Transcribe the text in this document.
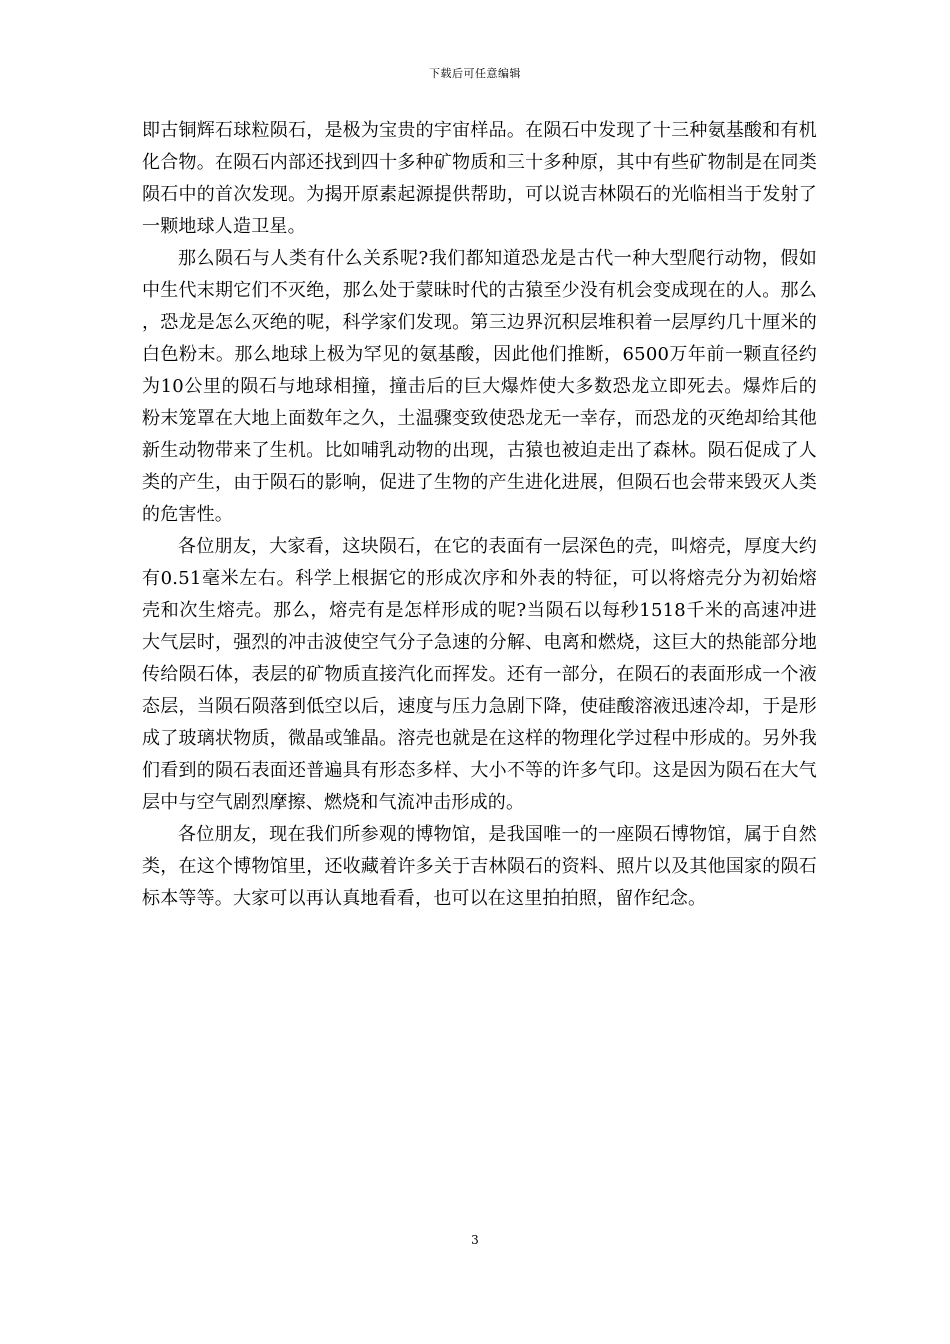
下载后可任意编辑

即古铜辉石球粒陨石，是极为宝贵的宇宙样品。在陨石中发现了十三种氨基酸和有机化合物。在陨石内部还找到四十多种矿物质和三十多种原，其中有些矿物制是在同类陨石中的首次发现。为揭开原素起源提供帮助，可以说吉林陨石的光临相当于发射了一颗地球人造卫星。

那么陨石与人类有什么关系呢?我们都知道恐龙是古代一种大型爬行动物，假如中生代末期它们不灭绝，那么处于蒙昧时代的古猿至少没有机会变成现在的人。那么，恐龙是怎么灭绝的呢，科学家们发现。第三边界沉积层堆积着一层厚约几十厘米的白色粉末。那么地球上极为罕见的氨基酸，因此他们推断，6500万年前一颗直径约为10公里的陨石与地球相撞，撞击后的巨大爆炸使大多数恐龙立即死去。爆炸后的粉末笼罩在大地上面数年之久，土温骤变致使恐龙无一幸存，而恐龙的灭绝却给其他新生动物带来了生机。比如哺乳动物的出现，古猿也被迫走出了森林。陨石促成了人类的产生，由于陨石的影响，促进了生物的产生进化进展，但陨石也会带来毁灭人类的危害性。

各位朋友，大家看，这块陨石，在它的表面有一层深色的壳，叫熔壳，厚度大约有0.51毫米左右。科学上根据它的形成次序和外表的特征，可以将熔壳分为初始熔壳和次生熔壳。那么，熔壳有是怎样形成的呢?当陨石以每秒1518千米的高速冲进大气层时，强烈的冲击波使空气分子急速的分解、电离和燃烧，这巨大的热能部分地传给陨石体，表层的矿物质直接汽化而挥发。还有一部分，在陨石的表面形成一个液态层，当陨石陨落到低空以后，速度与压力急剧下降，使硅酸溶液迅速冷却，于是形成了玻璃状物质，微晶或雏晶。溶壳也就是在这样的物理化学过程中形成的。另外我们看到的陨石表面还普遍具有形态多样、大小不等的许多气印。这是因为陨石在大气层中与空气剧烈摩擦、燃烧和气流冲击形成的。

各位朋友，现在我们所参观的博物馆，是我国唯一的一座陨石博物馆，属于自然类，在这个博物馆里，还收藏着许多关于吉林陨石的资料、照片以及其他国家的陨石标本等等。大家可以再认真地看看，也可以在这里拍拍照，留作纪念。

3
